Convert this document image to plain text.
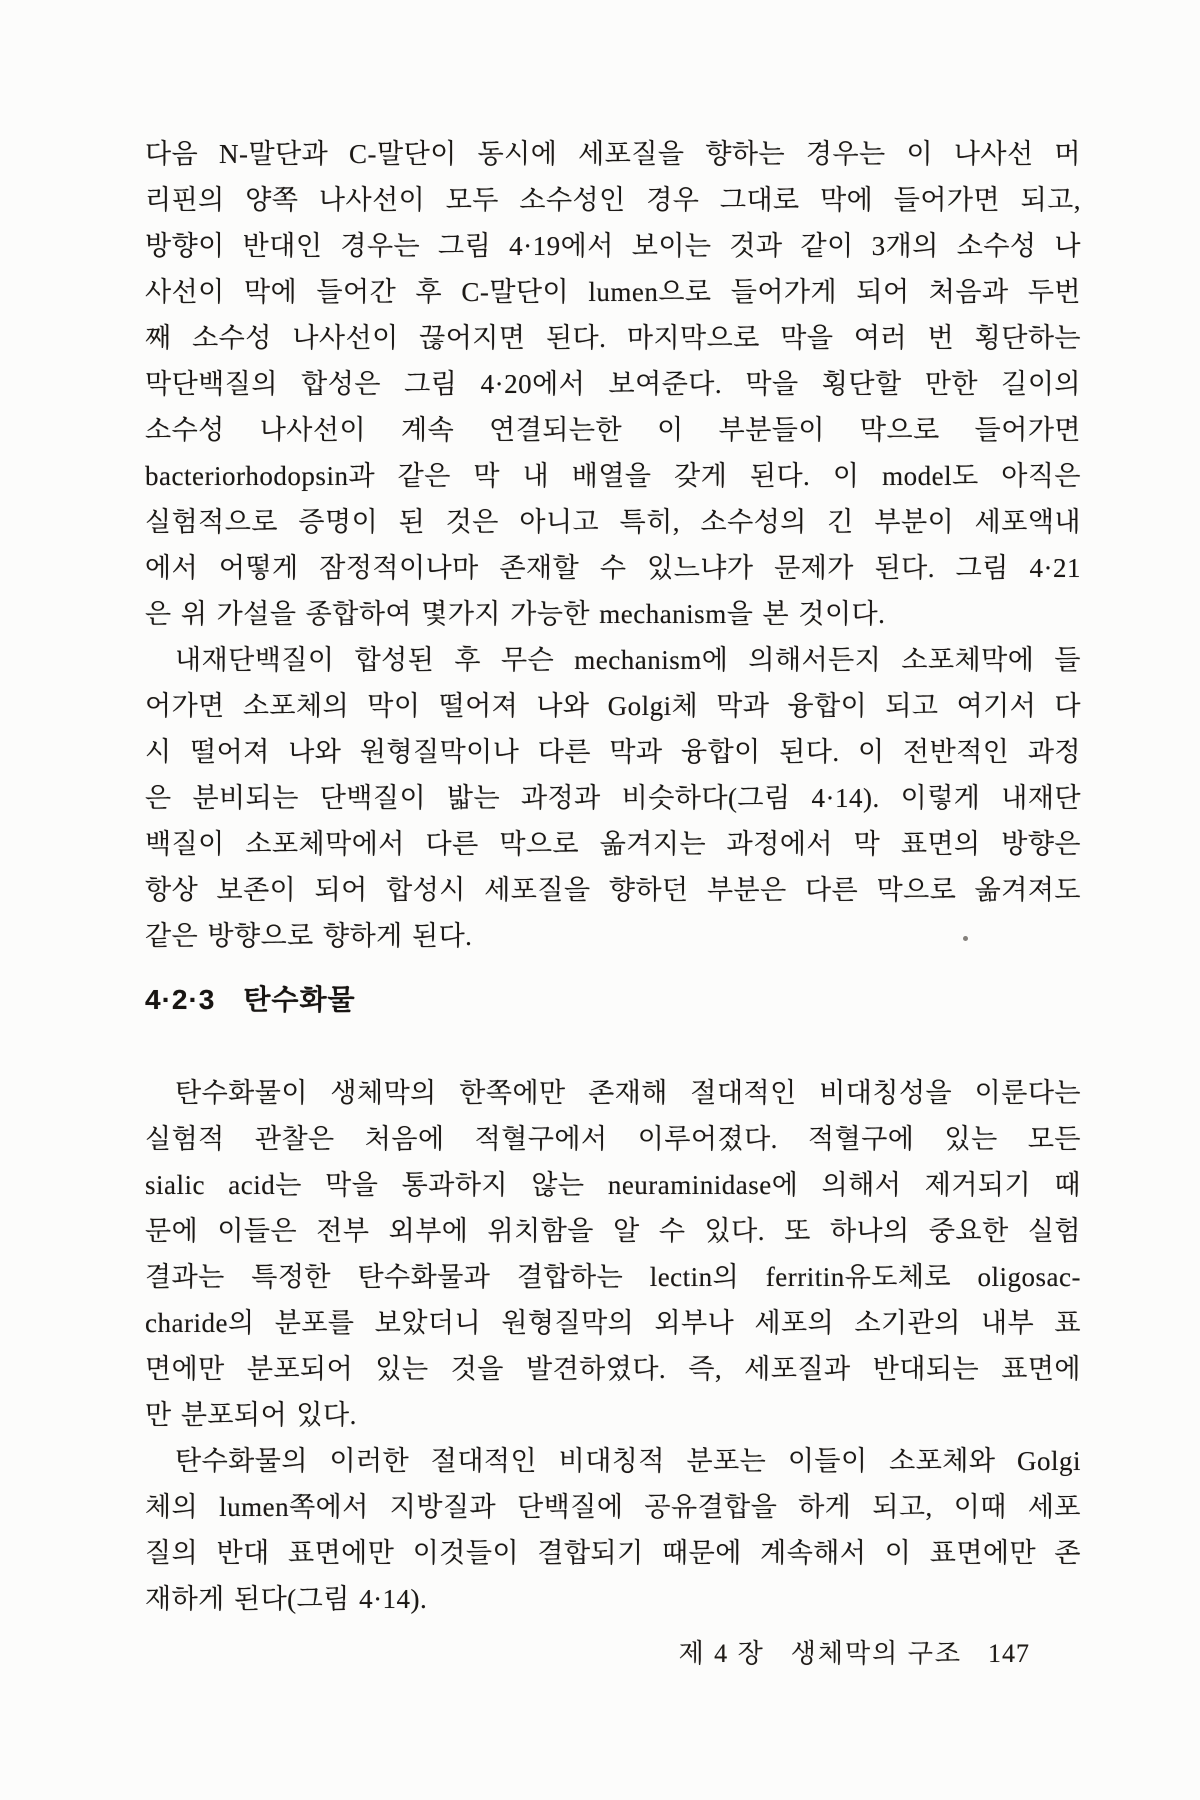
다음 N-말단과 C-말단이 동시에 세포질을 향하는 경우는 이 나사선 머
리핀의 양쪽 나사선이 모두 소수성인 경우 그대로 막에 들어가면 되고,
방향이 반대인 경우는 그림 4·19에서 보이는 것과 같이 3개의 소수성 나
사선이 막에 들어간 후 C-말단이 lumen으로 들어가게 되어 처음과 두번
째 소수성 나사선이 끊어지면 된다. 마지막으로 막을 여러 번 횡단하는
막단백질의 합성은 그림 4·20에서 보여준다. 막을 횡단할 만한 길이의
소수성 나사선이 계속 연결되는한 이 부분들이 막으로 들어가면
bacteriorhodopsin과 같은 막 내 배열을 갖게 된다. 이 model도 아직은
실험적으로 증명이 된 것은 아니고 특히, 소수성의 긴 부분이 세포액내
에서 어떻게 잠정적이나마 존재할 수 있느냐가 문제가 된다. 그림 4·21
은 위 가설을 종합하여 몇가지 가능한 mechanism을 본 것이다.
내재단백질이 합성된 후 무슨 mechanism에 의해서든지 소포체막에 들
어가면 소포체의 막이 떨어져 나와 Golgi체 막과 융합이 되고 여기서 다
시 떨어져 나와 원형질막이나 다른 막과 융합이 된다. 이 전반적인 과정
은 분비되는 단백질이 밟는 과정과 비슷하다(그림 4·14). 이렇게 내재단
백질이 소포체막에서 다른 막으로 옮겨지는 과정에서 막 표면의 방향은
항상 보존이 되어 합성시 세포질을 향하던 부분은 다른 막으로 옮겨져도
같은 방향으로 향하게 된다.
4·2·3 탄수화물
탄수화물이 생체막의 한쪽에만 존재해 절대적인 비대칭성을 이룬다는
실험적 관찰은 처음에 적혈구에서 이루어졌다. 적혈구에 있는 모든
sialic acid는 막을 통과하지 않는 neuraminidase에 의해서 제거되기 때
문에 이들은 전부 외부에 위치함을 알 수 있다. 또 하나의 중요한 실험
결과는 특정한 탄수화물과 결합하는 lectin의 ferritin유도체로 oligosac-
charide의 분포를 보았더니 원형질막의 외부나 세포의 소기관의 내부 표
면에만 분포되어 있는 것을 발견하였다. 즉, 세포질과 반대되는 표면에
만 분포되어 있다.
탄수화물의 이러한 절대적인 비대칭적 분포는 이들이 소포체와 Golgi
체의 lumen쪽에서 지방질과 단백질에 공유결합을 하게 되고, 이때 세포
질의 반대 표면에만 이것들이 결합되기 때문에 계속해서 이 표면에만 존
재하게 된다(그림 4·14).
제 4 장 생체막의 구조 147
